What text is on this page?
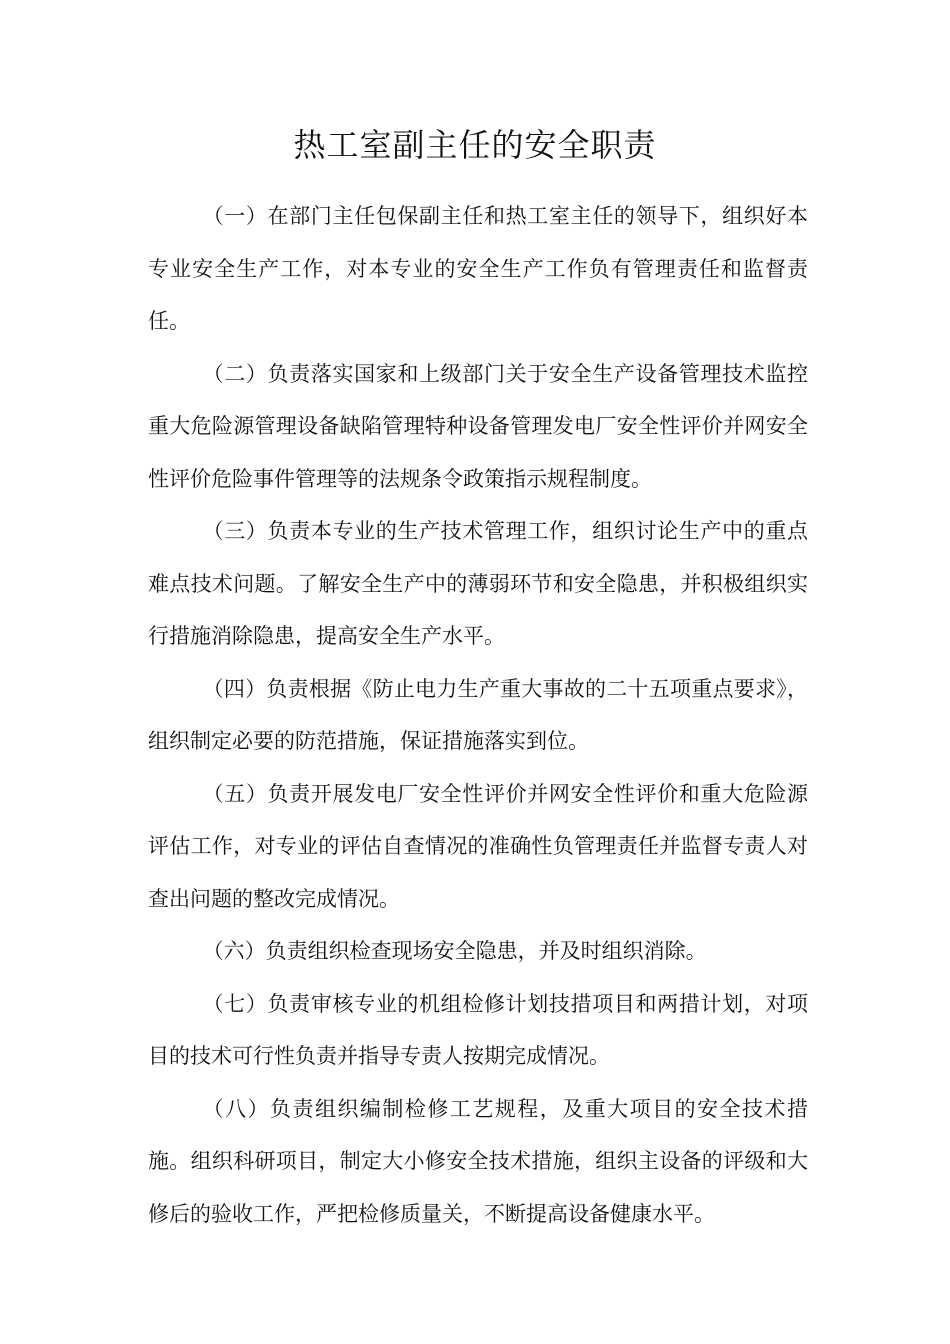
热工室副主任的安全职责

（一）在部门主任包保副主任和热工室主任的领导下，组织好本专业安全生产工作，对本专业的安全生产工作负有管理责任和监督责任。

（二）负责落实国家和上级部门关于安全生产设备管理技术监控重大危险源管理设备缺陷管理特种设备管理发电厂安全性评价并网安全性评价危险事件管理等的法规条令政策指示规程制度。

（三）负责本专业的生产技术管理工作，组织讨论生产中的重点难点技术问题。了解安全生产中的薄弱环节和安全隐患，并积极组织实行措施消除隐患，提高安全生产水平。

（四）负责根据《防止电力生产重大事故的二十五项重点要求》，组织制定必要的防范措施，保证措施落实到位。

（五）负责开展发电厂安全性评价并网安全性评价和重大危险源评估工作，对专业的评估自查情况的准确性负管理责任并监督专责人对查出问题的整改完成情况。

（六）负责组织检查现场安全隐患，并及时组织消除。

（七）负责审核专业的机组检修计划技措项目和两措计划，对项目的技术可行性负责并指导专责人按期完成情况。

（八）负责组织编制检修工艺规程，及重大项目的安全技术措施。组织科研项目，制定大小修安全技术措施，组织主设备的评级和大修后的验收工作，严把检修质量关，不断提高设备健康水平。
